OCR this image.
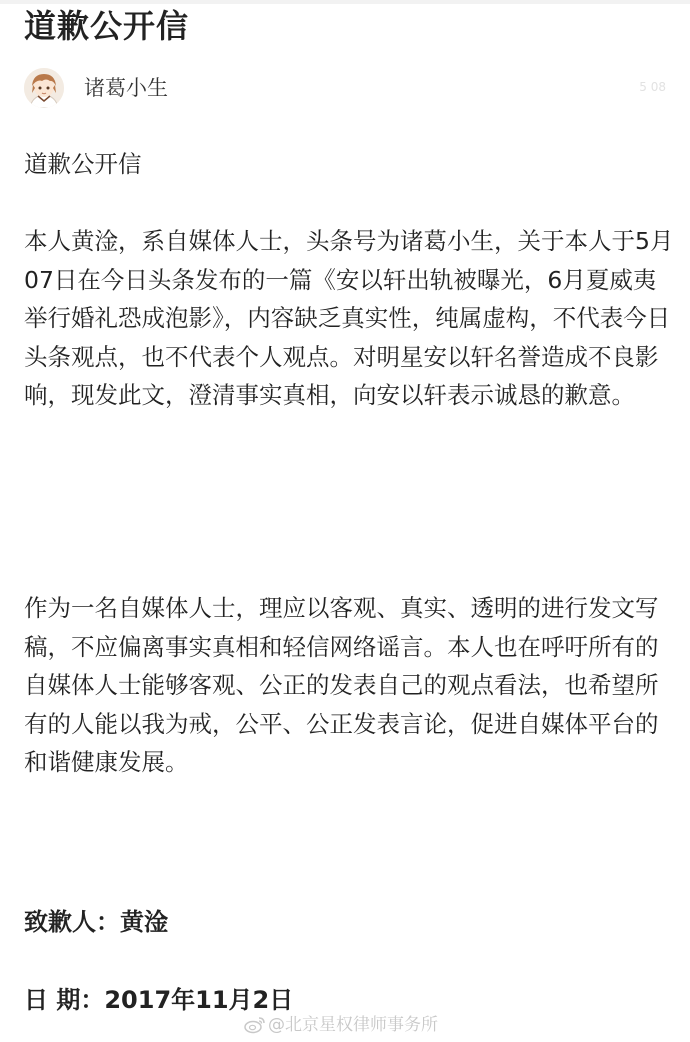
道歉公开信
诸葛小生	5 08

道歉公开信

本人黄淦，系自媒体人士，头条号为诸葛小生，关于本人于5月07日在今日头条发布的一篇《安以轩出轨被曝光，6月夏威夷举行婚礼恐成泡影》，内容缺乏真实性，纯属虚构，不代表今日头条观点，也不代表个人观点。对明星安以轩名誉造成不良影响，现发此文，澄清事实真相，向安以轩表示诚恳的歉意。

作为一名自媒体人士，理应以客观、真实、透明的进行发文写稿，不应偏离事实真相和轻信网络谣言。本人也在呼吁所有的自媒体人士能够客观、公正的发表自己的观点看法，也希望所有的人能以我为戒，公平、公正发表言论，促进自媒体平台的和谐健康发展。

致歉人：黄淦

日 期：2017年11月2日

@北京星权律师事务所
